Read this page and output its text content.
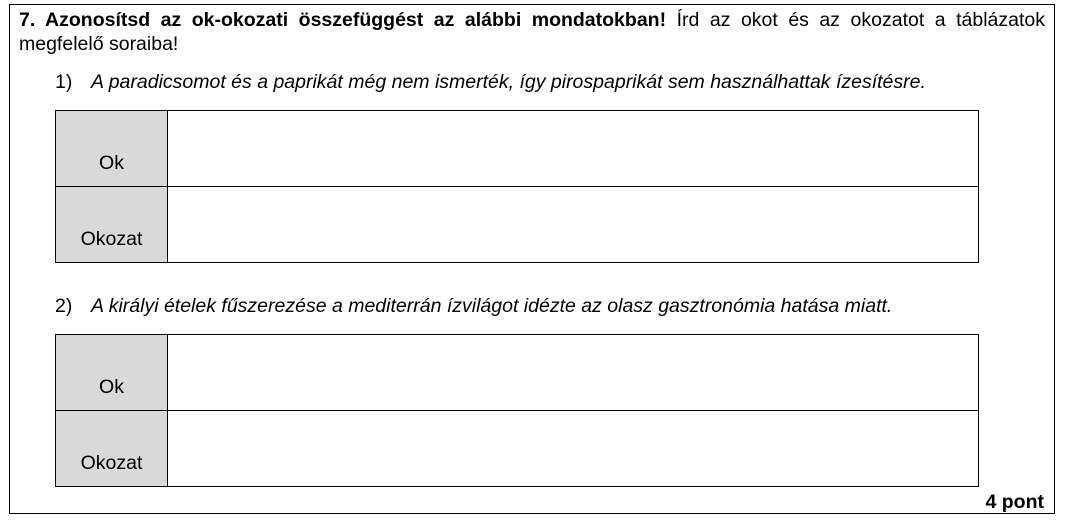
7. Azonosítsd az ok-okozati összefüggést az alábbi mondatokban! Írd az okot és az okozatot a táblázatok megfelelő soraiba!
1) A paradicsomot és a paprikát még nem ismerték, így pirospaprikát sem használhattak ízesítésre.
Ok	
Okozat	
2) A királyi ételek fűszerezése a mediterrán ízvilágot idézte az olasz gasztronómia hatása miatt.
Ok	
Okozat	
4 pont
